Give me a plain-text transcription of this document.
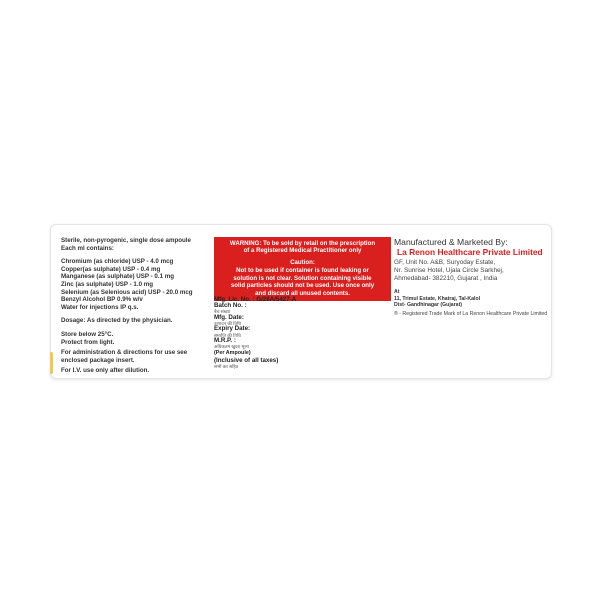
Sterile, non-pyrogenic, single dose ampoule

Each ml contains:

Chromium (as chloride) USP - 4.0 mcg

Copper(as sulphate) USP - 0.4 mg

Manganese (as sulphate) USP - 0.1 mg

Zinc (as sulphate) USP - 1.0 mg

Selenium (as Selenious acid) USP - 20.0 mcg

Benzyl Alcohol BP 0.9% w/v

Water for injections IP q.s.

Dosage: As directed by the physician.

Store below 25°C.

Protect from light.

For administration & directions for use see

enclosed package insert.

For I.V. use only after dilution.

WARNING: To be sold by retail on the prescription
of a Registered Medical Practitioner only
Caution:
Not to be used if container is found leaking or
solution is not clear. Solution containing visible
solid particles should not be used. Use once only
and discard all unused contents.
Mfg. Lic. No. : G/28A/5427-A
Batch No. :
बैच संख्या
Mfg. Date:
उत्पादन की तिथि
Expiry Date:
समाप्ति की तिथि
M.R.P. :
अधिकतम खुदरा मूल्य
(Per Ampoule)
(Inclusive of all taxes)
सभी कर सहित
Manufactured & Marketed By:
La Renon Healthcare Private Limited
GF, Unit No. A&B, Suryoday Estate,
Nr. Sunrise Hotel, Ujala Circle Sarkhej,
Ahmedabad- 382210, Gujarat , India
At
11, Trimul Estate, Khatraj, Tal-Kalol
Dist- Gandhinagar (Gujarat)
® - Registered Trade Mark of La Renon Healthcare Private Limited
